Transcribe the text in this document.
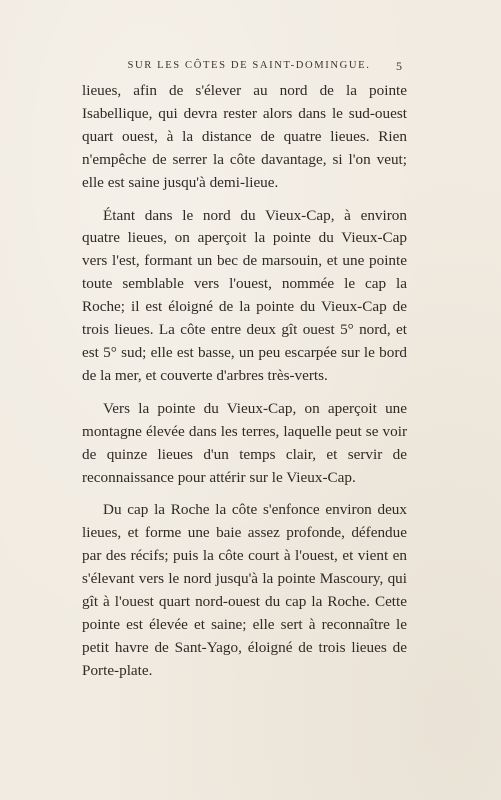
SUR LES CÔTES DE SAINT-DOMINGUE.	5

lieues, afin de s'élever au nord de la pointe Isabellique, qui devra rester alors dans le sud-ouest quart ouest, à la distance de quatre lieues. Rien n'empêche de serrer la côte davantage, si l'on veut; elle est saine jusqu'à demi-lieue.

Étant dans le nord du Vieux-Cap, à environ quatre lieues, on aperçoit la pointe du Vieux-Cap vers l'est, formant un bec de marsouin, et une pointe toute semblable vers l'ouest, nommée le cap la Roche; il est éloigné de la pointe du Vieux-Cap de trois lieues. La côte entre deux gît ouest 5° nord, et est 5° sud; elle est basse, un peu escarpée sur le bord de la mer, et couverte d'arbres très-verts.

Vers la pointe du Vieux-Cap, on aperçoit une montagne élevée dans les terres, laquelle peut se voir de quinze lieues d'un temps clair, et servir de reconnaissance pour attérir sur le Vieux-Cap.

Du cap la Roche la côte s'enfonce environ deux lieues, et forme une baie assez profonde, défendue par des récifs; puis la côte court à l'ouest, et vient en s'élevant vers le nord jusqu'à la pointe Mascoury, qui gît à l'ouest quart nord-ouest du cap la Roche. Cette pointe est élevée et saine; elle sert à reconnaître le petit havre de Sant-Yago, éloigné de trois lieues de Porte-plate.
